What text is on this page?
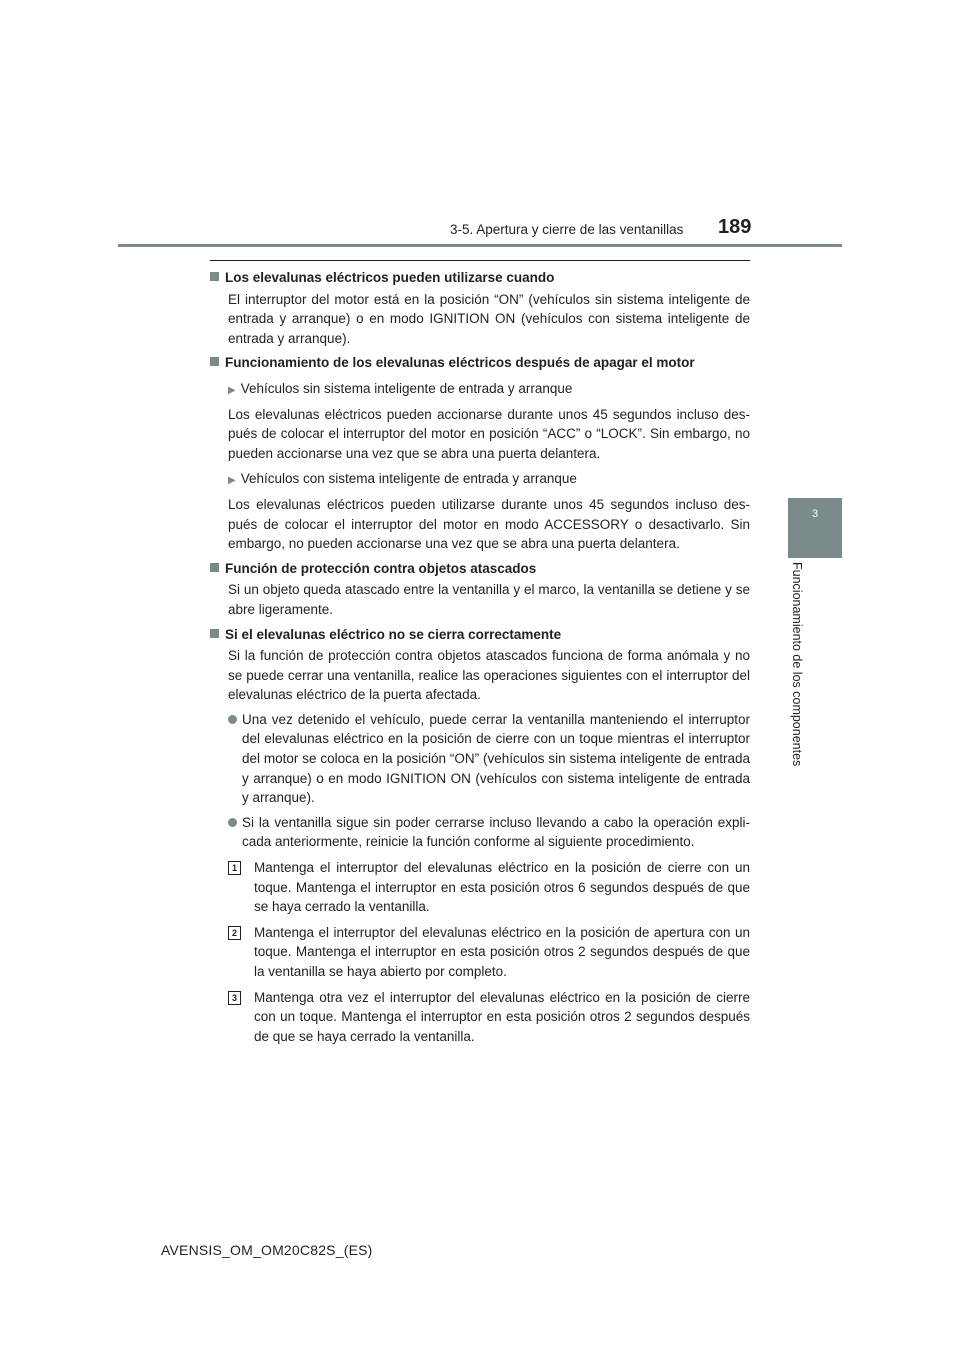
3-5. Apertura y cierre de las ventanillas	189
3
Funcionamiento de los componentes
Los elevalunas eléctricos pueden utilizarse cuando
El interruptor del motor está en la posición “ON” (vehículos sin sistema inteligente de entrada y arranque) o en modo IGNITION ON (vehículos con sistema inteligente de entrada y arranque).
Funcionamiento de los elevalunas eléctricos después de apagar el motor
▶ Vehículos sin sistema inteligente de entrada y arranque
Los elevalunas eléctricos pueden accionarse durante unos 45 segundos incluso des-pués de colocar el interruptor del motor en posición “ACC” o “LOCK”. Sin embargo, no pueden accionarse una vez que se abra una puerta delantera.
▶ Vehículos con sistema inteligente de entrada y arranque
Los elevalunas eléctricos pueden utilizarse durante unos 45 segundos incluso des-pués de colocar el interruptor del motor en modo ACCESSORY o desactivarlo. Sin embargo, no pueden accionarse una vez que se abra una puerta delantera.
Función de protección contra objetos atascados
Si un objeto queda atascado entre la ventanilla y el marco, la ventanilla se detiene y se abre ligeramente.
Si el elevalunas eléctrico no se cierra correctamente
Si la función de protección contra objetos atascados funciona de forma anómala y no se puede cerrar una ventanilla, realice las operaciones siguientes con el interruptor del elevalunas eléctrico de la puerta afectada.
Una vez detenido el vehículo, puede cerrar la ventanilla manteniendo el interruptor del elevalunas eléctrico en la posición de cierre con un toque mientras el interruptor del motor se coloca en la posición “ON” (vehículos sin sistema inteligente de entrada y arranque) o en modo IGNITION ON (vehículos con sistema inteligente de entrada y arranque).
Si la ventanilla sigue sin poder cerrarse incluso llevando a cabo la operación expli-cada anteriormente, reinicie la función conforme al siguiente procedimiento.
1 Mantenga el interruptor del elevalunas eléctrico en la posición de cierre con un toque. Mantenga el interruptor en esta posición otros 6 segundos después de que se haya cerrado la ventanilla.
2 Mantenga el interruptor del elevalunas eléctrico en la posición de apertura con un toque. Mantenga el interruptor en esta posición otros 2 segundos después de que la ventanilla se haya abierto por completo.
3 Mantenga otra vez el interruptor del elevalunas eléctrico en la posición de cierre con un toque. Mantenga el interruptor en esta posición otros 2 segundos después de que se haya cerrado la ventanilla.
AVENSIS_OM_OM20C82S_(ES)
